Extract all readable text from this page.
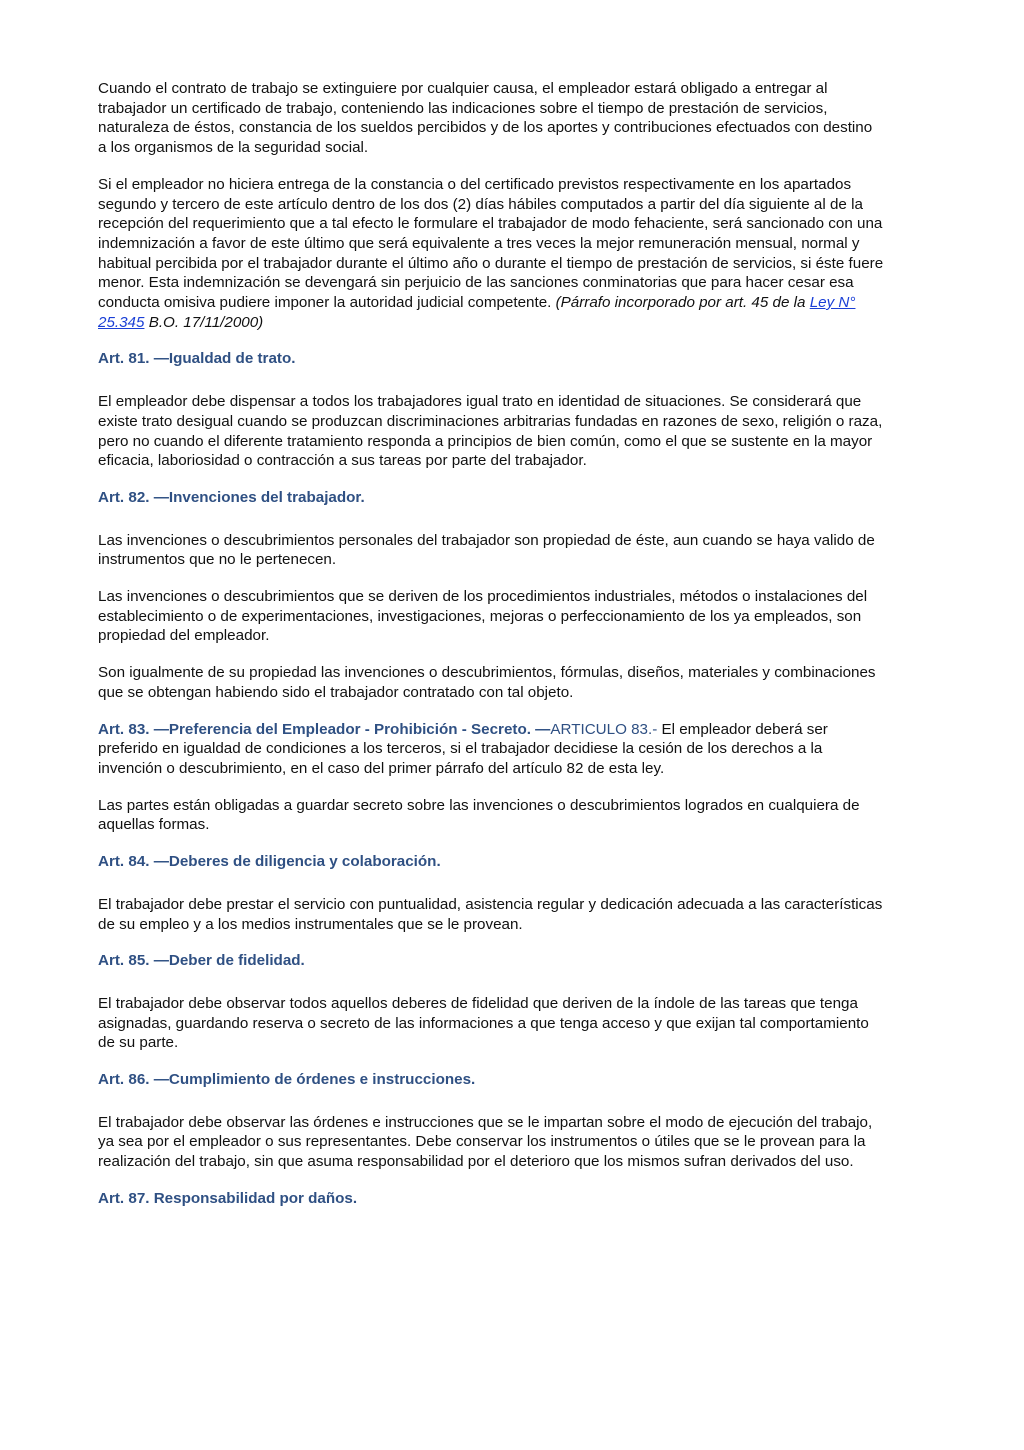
Cuando el contrato de trabajo se extinguiere por cualquier causa, el empleador estará obligado a entregar al trabajador un certificado de trabajo, conteniendo las indicaciones sobre el tiempo de prestación de servicios, naturaleza de éstos, constancia de los sueldos percibidos y de los aportes y contribuciones efectuados con destino a los organismos de la seguridad social.

Si el empleador no hiciera entrega de la constancia o del certificado previstos respectivamente en los apartados segundo y tercero de este artículo dentro de los dos (2) días hábiles computados a partir del día siguiente al de la recepción del requerimiento que a tal efecto le formulare el trabajador de modo fehaciente, será sancionado con una indemnización a favor de este último que será equivalente a tres veces la mejor remuneración mensual, normal y habitual percibida por el trabajador durante el último año o durante el tiempo de prestación de servicios, si éste fuere menor. Esta indemnización se devengará sin perjuicio de las sanciones conminatorias que para hacer cesar esa conducta omisiva pudiere imponer la autoridad judicial competente. (Párrafo incorporado por art. 45 de la Ley N° 25.345 B.O. 17/11/2000)

Art. 81. —Igualdad de trato.

El empleador debe dispensar a todos los trabajadores igual trato en identidad de situaciones. Se considerará que existe trato desigual cuando se produzcan discriminaciones arbitrarias fundadas en razones de sexo, religión o raza, pero no cuando el diferente tratamiento responda a principios de bien común, como el que se sustente en la mayor eficacia, laboriosidad o contracción a sus tareas por parte del trabajador.

Art. 82. —Invenciones del trabajador.

Las invenciones o descubrimientos personales del trabajador son propiedad de éste, aun cuando se haya valido de instrumentos que no le pertenecen.

Las invenciones o descubrimientos que se deriven de los procedimientos industriales, métodos o instalaciones del establecimiento o de experimentaciones, investigaciones, mejoras o perfeccionamiento de los ya empleados, son propiedad del empleador.

Son igualmente de su propiedad las invenciones o descubrimientos, fórmulas, diseños, materiales y combinaciones que se obtengan habiendo sido el trabajador contratado con tal objeto.

Art. 83. —Preferencia del Empleador - Prohibición - Secreto. —ARTICULO 83.- El empleador deberá ser preferido en igualdad de condiciones a los terceros, si el trabajador decidiese la cesión de los derechos a la invención o descubrimiento, en el caso del primer párrafo del artículo 82 de esta ley.

Las partes están obligadas a guardar secreto sobre las invenciones o descubrimientos logrados en cualquiera de aquellas formas.

Art. 84. —Deberes de diligencia y colaboración.

El trabajador debe prestar el servicio con puntualidad, asistencia regular y dedicación adecuada a las características de su empleo y a los medios instrumentales que se le provean.

Art. 85. —Deber de fidelidad.

El trabajador debe observar todos aquellos deberes de fidelidad que deriven de la índole de las tareas que tenga asignadas, guardando reserva o secreto de las informaciones a que tenga acceso y que exijan tal comportamiento de su parte.

Art. 86. —Cumplimiento de órdenes e instrucciones.

El trabajador debe observar las órdenes e instrucciones que se le impartan sobre el modo de ejecución del trabajo, ya sea por el empleador o sus representantes. Debe conservar los instrumentos o útiles que se le provean para la realización del trabajo, sin que asuma responsabilidad por el deterioro que los mismos sufran derivados del uso.

Art. 87. Responsabilidad por daños.
